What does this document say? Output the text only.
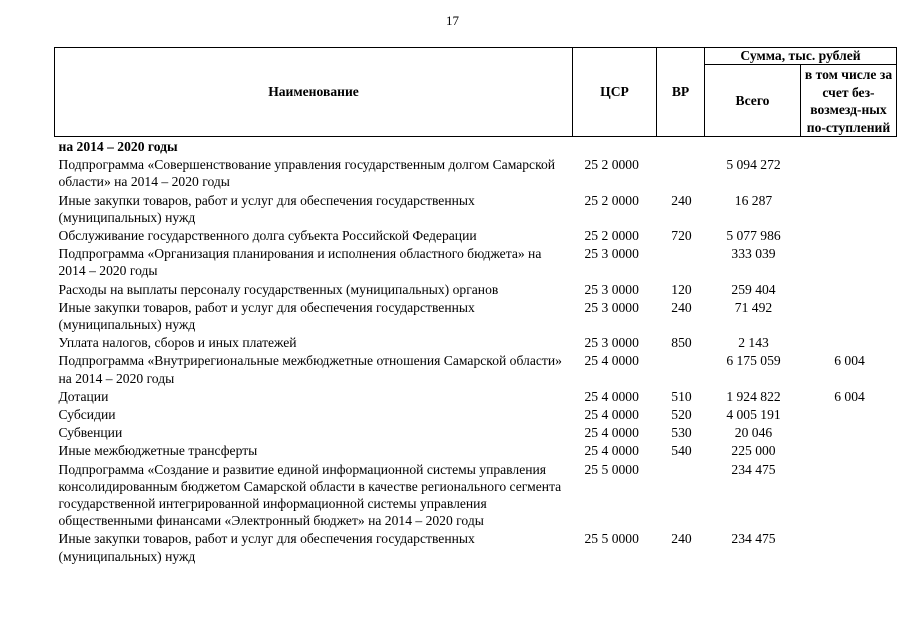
17
Наименование	ЦСР	ВР	Сумма, тыс. рублей	
			Всего	в том числе за счет без-возмезд-ных по-ступлений
на 2014 – 2020 годы				
Подпрограмма «Совершенствование управления государственным долгом Самарской области» на 2014 – 2020 годы	25 2 0000		5 094 272	
Иные закупки товаров, работ и услуг для обеспечения государственных (муниципальных) нужд	25 2 0000	240	16 287	
Обслуживание государственного долга субъекта Российской Федерации	25 2 0000	720	5 077 986	
Подпрограмма «Организация планирования и исполнения областного бюджета» на 2014 – 2020 годы	25 3 0000		333 039	
Расходы на выплаты персоналу государственных (муниципальных) органов	25 3 0000	120	259 404	
Иные закупки товаров, работ и услуг для обеспечения государственных (муниципальных) нужд	25 3 0000	240	71 492	
Уплата налогов, сборов и иных платежей	25 3 0000	850	2 143	
Подпрограмма «Внутрирегиональные межбюджетные отношения Самарской области» на 2014 – 2020 годы	25 4 0000		6 175 059	6 004
Дотации	25 4 0000	510	1 924 822	6 004
Субсидии	25 4 0000	520	4 005 191	
Субвенции	25 4 0000	530	20 046	
Иные межбюджетные трансферты	25 4 0000	540	225 000	
Подпрограмма «Создание и развитие единой информационной системы управления консолидированным бюджетом Самарской области в качестве регионального сегмента государственной интегрированной информационной системы управления общественными финансами «Электронный бюджет» на 2014 – 2020 годы	25 5 0000		234 475	
Иные закупки товаров, работ и услуг для обеспечения государственных (муниципальных) нужд	25 5 0000	240	234 475	
